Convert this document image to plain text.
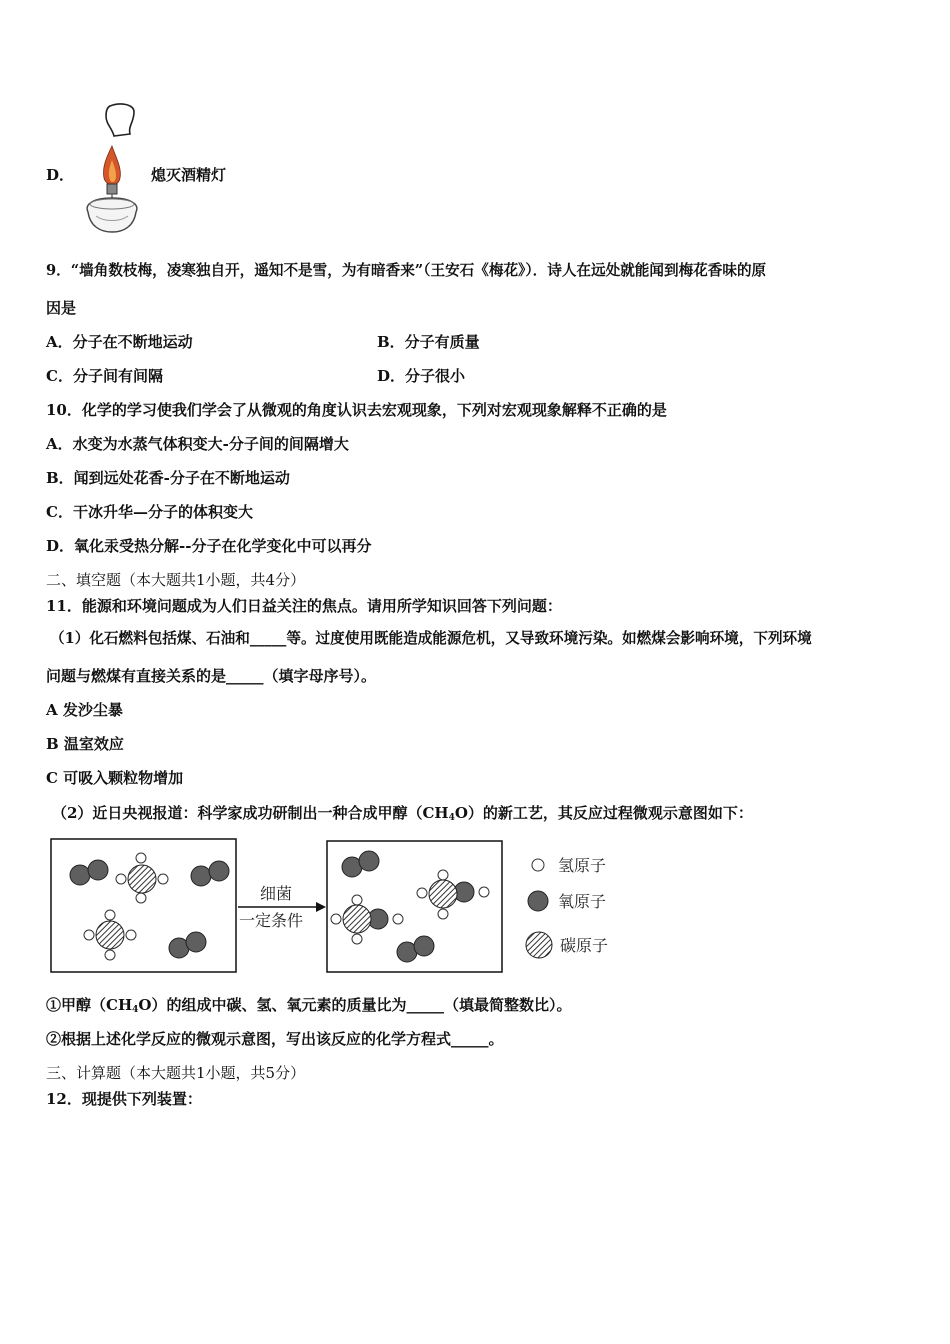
D．	熄灭酒精灯
9．“墙角数枝梅，凌寒独自开，遥知不是雪，为有暗香来”（王安石《梅花》）．诗人在远处就能闻到梅花香味的原
因是
A．分子在不断地运动	B．分子有质量
C．分子间有间隔	D．分子很小
10．化学的学习使我们学会了从微观的角度认识去宏观现象，下列对宏观现象解释不正确的是
A．水变为水蒸气体积变大-分子间的间隔增大
B．闻到远处花香-分子在不断地运动
C．干冰升华—分子的体积变大
D．氧化汞受热分解--分子在化学变化中可以再分
二、填空题（本大题共1小题，共4分）
11．能源和环境问题成为人们日益关注的焦点。请用所学知识回答下列问题：
（1）化石燃料包括煤、石油和_____等。过度使用既能造成能源危机，又导致环境污染。如燃煤会影响环境，下列环境
问题与燃煤有直接关系的是_____（填字母序号）。
A 发沙尘暴
B 温室效应
C 可吸入颗粒物增加
（2）近日央视报道：科学家成功研制出一种合成甲醇$(CH_4O)$的新工艺，其反应过程微观示意图如下：
细菌
一定条件
氢原子
氧原子
碳原子
①甲醇$(CH_4O)$的组成中碳、氢、氧元素的质量比为_____（填最简整数比）。
②根据上述化学反应的微观示意图，写出该反应的化学方程式_____。
三、计算题（本大题共1小题，共5分）
12．现提供下列装置：
